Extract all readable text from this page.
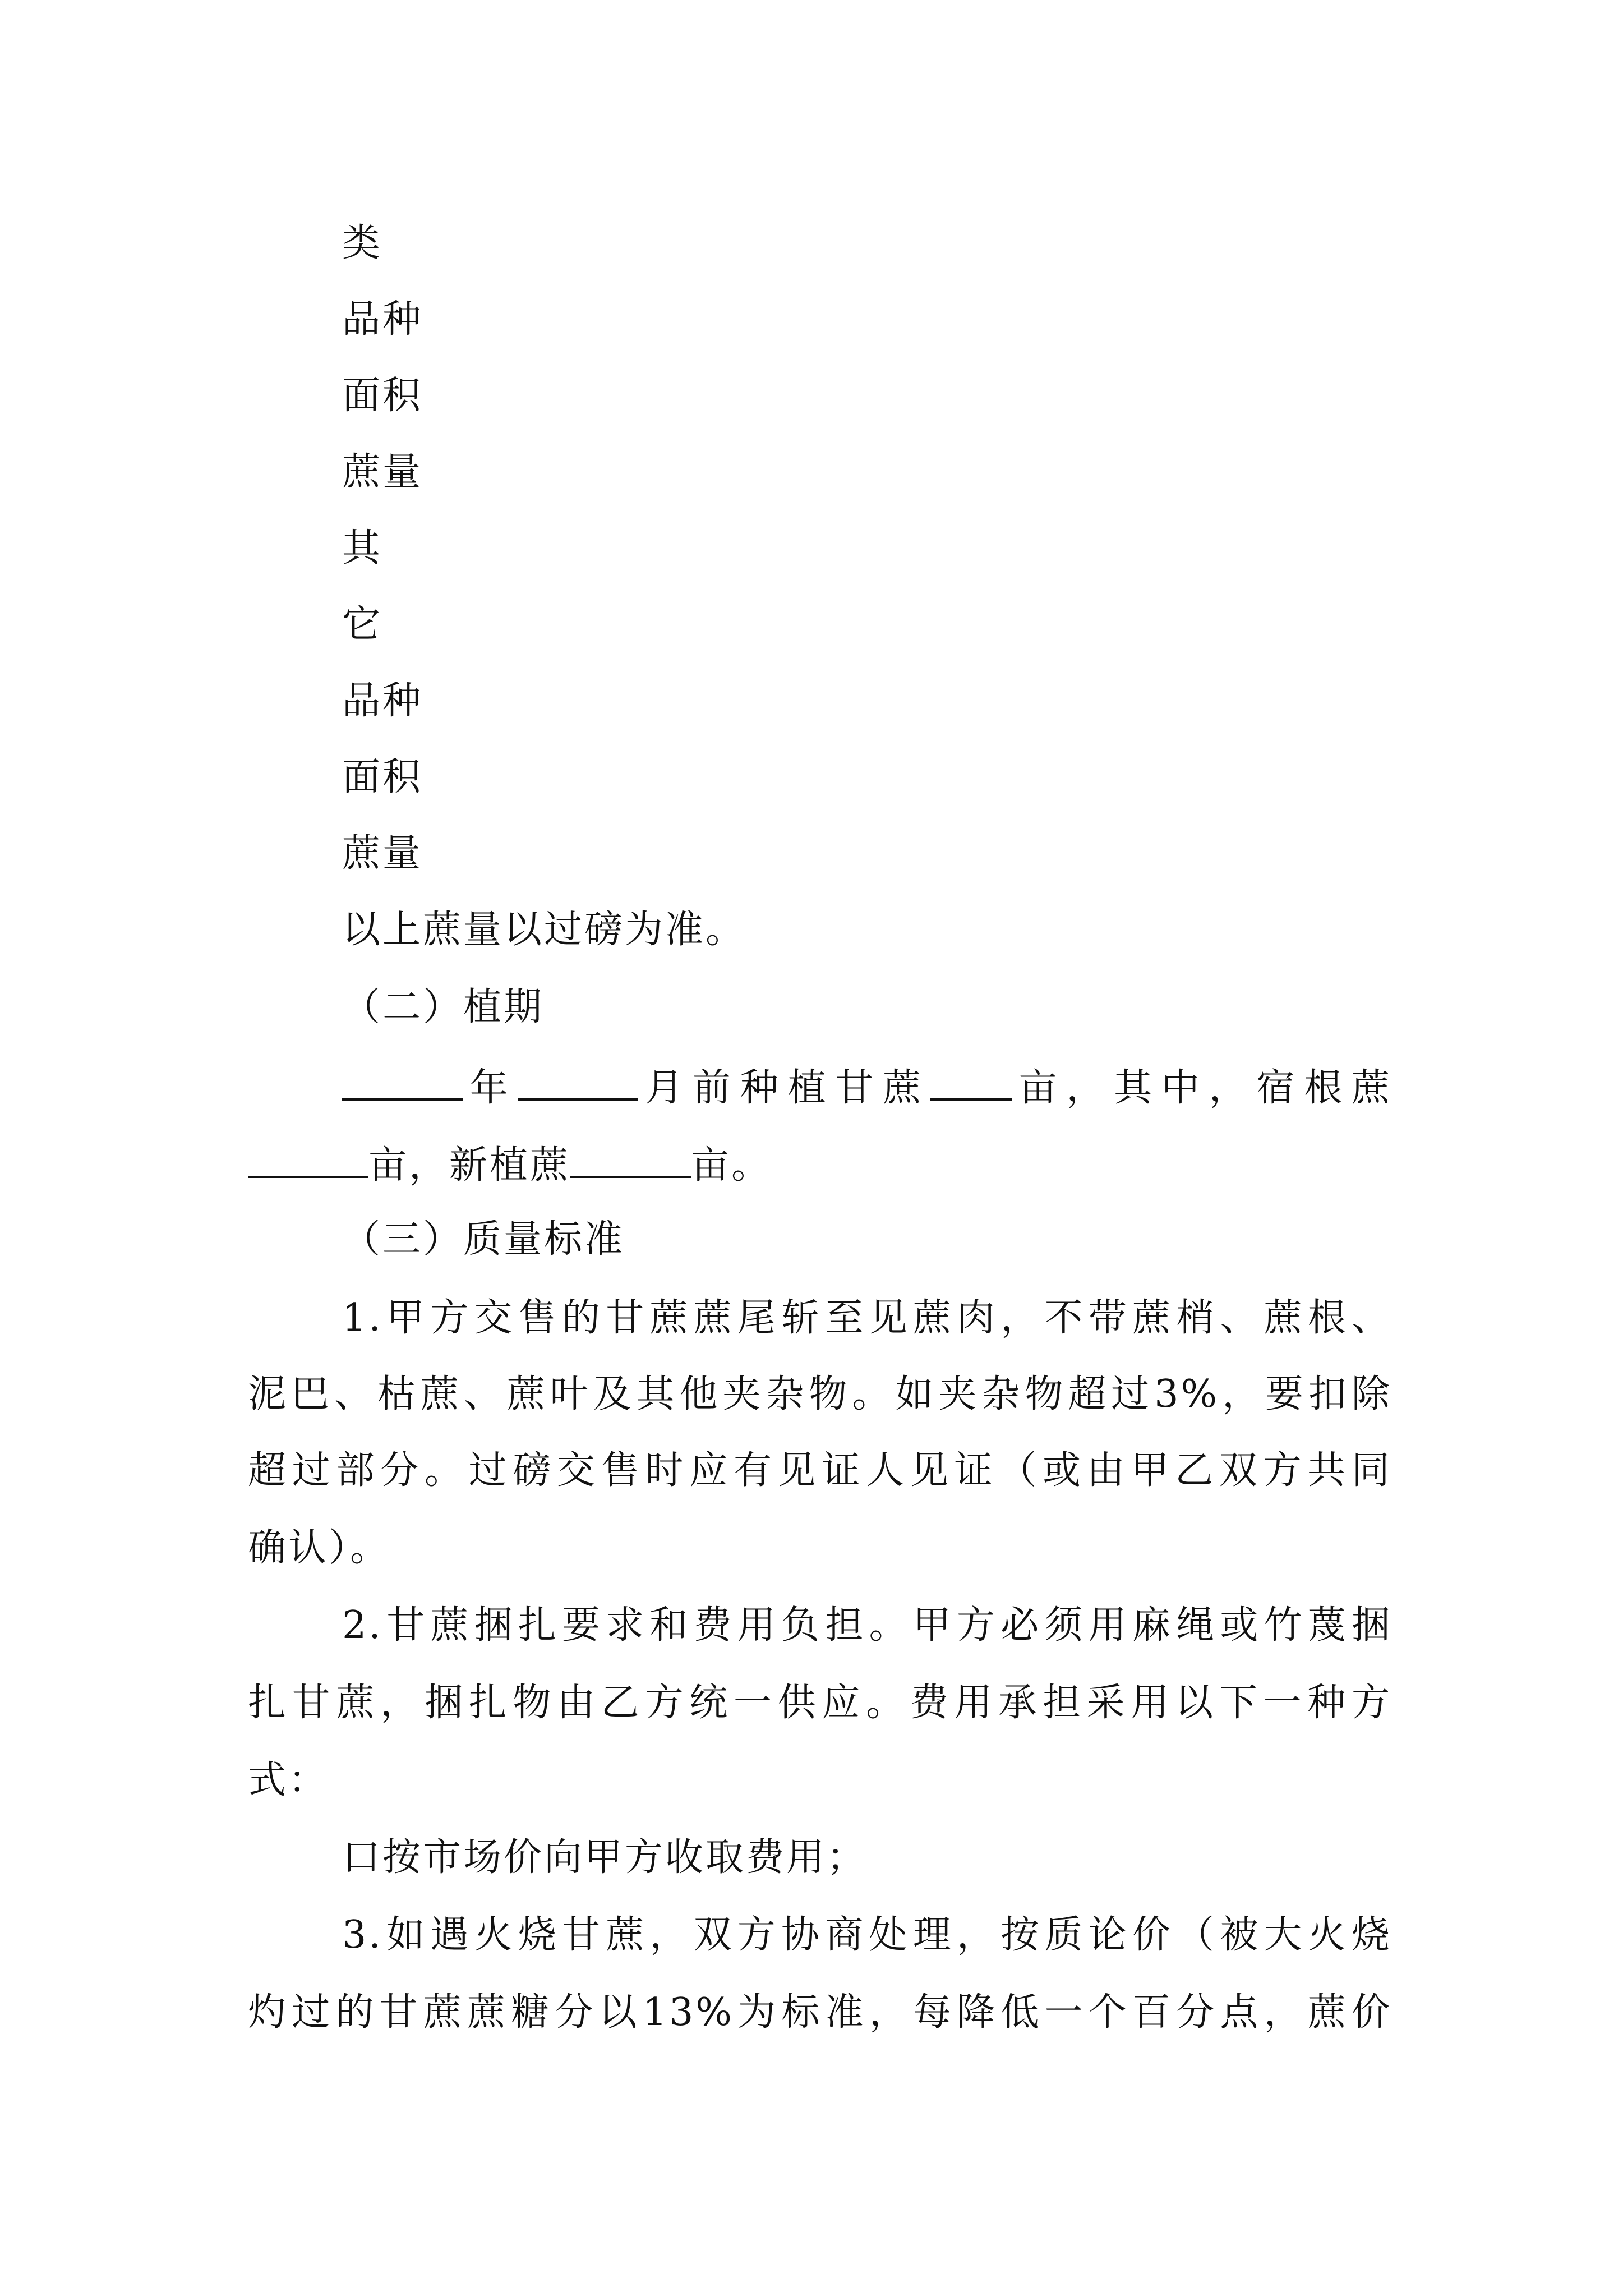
类
品种
面积
蔗量
其
它
品种
面积
蔗量
以上蔗量以过磅为准。
（二）植期
年	月前种植甘蔗 亩，其中，宿根蔗
亩，新植蔗	亩。
（三）质量标准
1.甲方交售的甘蔗蔗尾斩至见蔗肉，不带蔗梢、蔗根、
泥巴、枯蔗、蔗叶及其他夹杂物。如夹杂物超过3%，要扣除
超过部分。过磅交售时应有见证人见证（或由甲乙双方共同
确认）。
2.甘蔗捆扎要求和费用负担。甲方必须用麻绳或竹蔑捆
扎甘蔗，捆扎物由乙方统一供应。费用承担采用以下一种方
式：
口按市场价向甲方收取费用；
3.如遇火烧甘蔗，双方协商处理，按质论价（被大火烧
灼过的甘蔗蔗糖分以13%为标准，每降低一个百分点，蔗价
